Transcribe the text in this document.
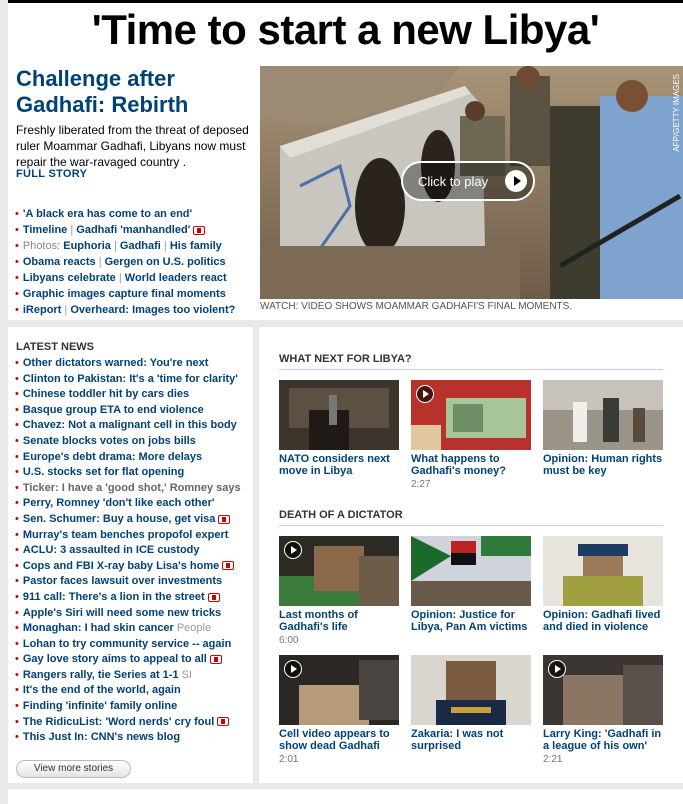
'Time to start a new Libya'
Challenge after Gadhafi: Rebirth

Freshly liberated from the threat of deposed ruler Moammar Gadhafi, Libyans now must repair the war-ravaged country .

FULL STORY
• 'A black era has come to an end'
• Timeline | Gadhafi 'manhandled'
• Photos: Euphoria | Gadhafi | His family
• Obama reacts | Gergen on U.S. politics
• Libyans celebrate | World leaders react
• Graphic images capture final moments
• iReport | Overheard: Images too violent?
Click to play
AFP/GETTY IMAGES
WATCH: VIDEO SHOWS MOAMMAR GADHAFI'S FINAL MOMENTS.
LATEST NEWS
• Other dictators warned: You're next
• Clinton to Pakistan: It's a 'time for clarity'
• Chinese toddler hit by cars dies
• Basque group ETA to end violence
• Chavez: Not a malignant cell in this body
• Senate blocks votes on jobs bills
• Europe's debt drama: More delays
• U.S. stocks set for flat opening
• Ticker: I have a 'good shot,' Romney says
• Perry, Romney 'don't like each other'
• Sen. Schumer: Buy a house, get visa
• Murray's team benches propofol expert
• ACLU: 3 assaulted in ICE custody
• Cops and FBI X-ray baby Lisa's home
• Pastor faces lawsuit over investments
• 911 call: There's a lion in the street
• Apple's Siri will need some new tricks
• Monaghan: I had skin cancer People
• Lohan to try community service -- again
• Gay love story aims to appeal to all
• Rangers rally, tie Series at 1-1 SI
• It's the end of the world, again
• Finding 'infinite' family online
• The RidicuList: 'Word nerds' cry foul
• This Just In: CNN's news blog
View more stories
WHAT NEXT FOR LIBYA?
NATO considers next move in Libya
What happens to Gadhafi's money?
2:27
Opinion: Human rights must be key
DEATH OF A DICTATOR
Last months of Gadhafi's life
6:00
Opinion: Justice for Libya, Pan Am victims
Opinion: Gadhafi lived and died in violence
Cell video appears to show dead Gadhafi
2:01
Zakaria: I was not surprised
Larry King: 'Gadhafi in a league of his own'
2:21
